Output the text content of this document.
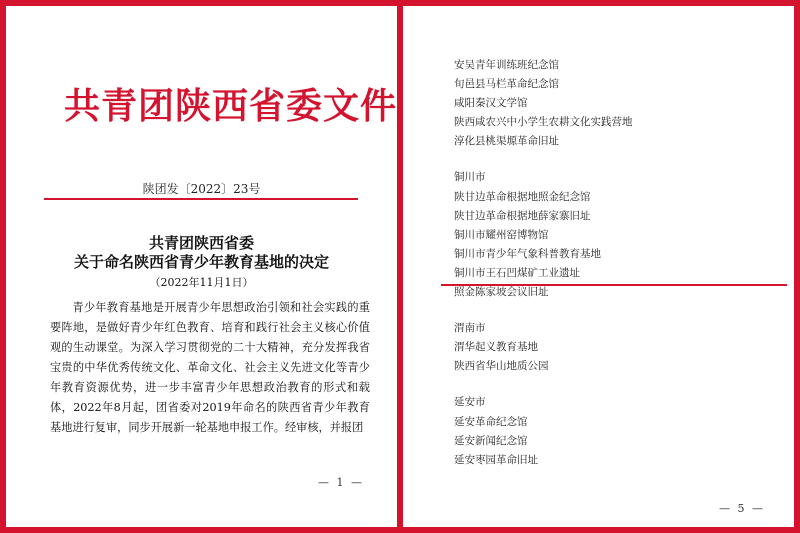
共青团陕西省委文件
陕团发〔2022〕23号
共青团陕西省委
关于命名陕西省青少年教育基地的决定
（2022年11月1日）

青少年教育基地是开展青少年思想政治引领和社会实践的重要阵地，是做好青少年红色教育、培育和践行社会主义核心价值观的生动课堂。为深入学习贯彻党的二十大精神，充分发挥我省宝贵的中华优秀传统文化、革命文化、社会主义先进文化等青少年教育资源优势，进一步丰富青少年思想政治教育的形式和载体，2022年8月起，团省委对2019年命名的陕西省青少年教育基地进行复审，同步开展新一轮基地申报工作。经审核，并报团

— 1 —
安吴青年训练班纪念馆
旬邑县马栏革命纪念馆
咸阳秦汉文学馆
陕西咸农兴中小学生农耕文化实践营地
淳化县桃渠塬革命旧址
铜川市
陕甘边革命根据地照金纪念馆
陕甘边革命根据地薛家寨旧址
铜川市耀州窑博物馆
铜川市青少年气象科普教育基地
铜川市王石凹煤矿工业遗址
照金陈家坡会议旧址
渭南市
渭华起义教育基地
陕西省华山地质公园
延安市
延安革命纪念馆
延安新闻纪念馆
延安枣园革命旧址
— 5 —
